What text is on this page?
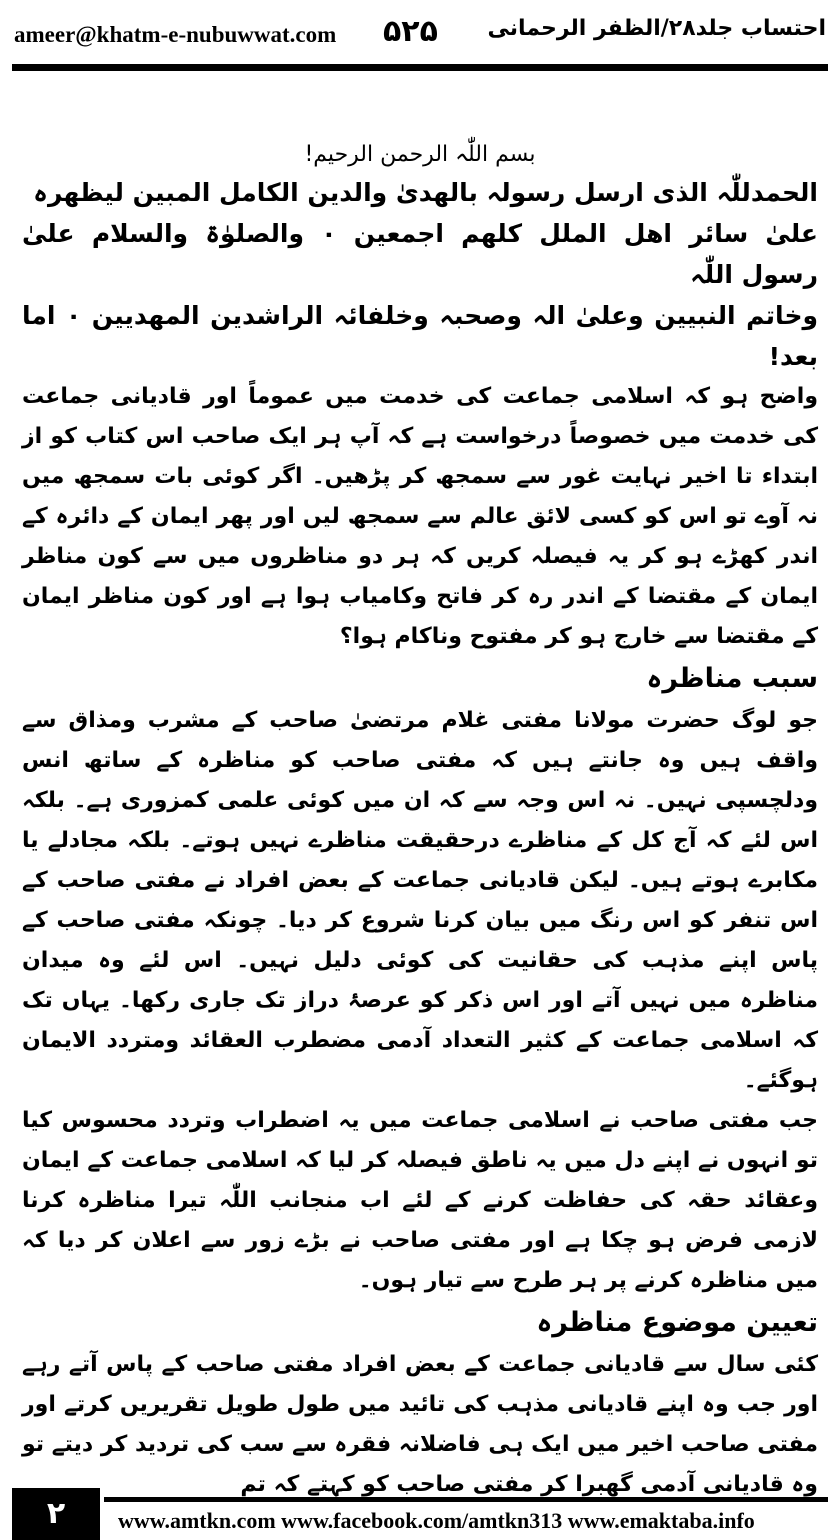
ameer@khatm-e-nubuwwat.com ۵۲۵ احتساب جلد۲۸/الظفر الرحمانی
بسم اللّٰہ الرحمن الرحیم!

الحمدللّٰہ الذی ارسل رسولہ بالھدیٰ والدین الکامل المبین لیظھرہ

علیٰ سائر اھل الملل کلھم اجمعین ۰ والصلوٰۃ والسلام علیٰ رسول اللّٰہ

وخاتم النبیین وعلیٰ الہ وصحبہ وخلفائہ الراشدین المھدیین ۰ اما بعد!

واضح ہو کہ اسلامی جماعت کی خدمت میں عموماً اور قادیانی جماعت کی خدمت میں خصوصاً درخواست ہے کہ آپ ہر ایک صاحب اس کتاب کو از ابتداء تا اخیر نہایت غور سے سمجھ کر پڑھیں۔ اگر کوئی بات سمجھ میں نہ آوے تو اس کو کسی لائق عالم سے سمجھ لیں اور پھر ایمان کے دائرہ کے اندر کھڑے ہو کر یہ فیصلہ کریں کہ ہر دو مناظروں میں سے کون مناظر ایمان کے مقتضا کے اندر رہ کر فاتح وکامیاب ہوا ہے اور کون مناظر ایمان کے مقتضا سے خارج ہو کر مفتوح وناکام ہوا؟

سبب مناظرہ

جو لوگ حضرت مولانا مفتی غلام مرتضیٰ صاحب کے مشرب ومذاق سے واقف ہیں وہ جانتے ہیں کہ مفتی صاحب کو مناظرہ کے ساتھ انس ودلچسپی نہیں۔ نہ اس وجہ سے کہ ان میں کوئی علمی کمزوری ہے۔ بلکہ اس لئے کہ آج کل کے مناظرے درحقیقت مناظرے نہیں ہوتے۔ بلکہ مجادلے یا مکابرے ہوتے ہیں۔ لیکن قادیانی جماعت کے بعض افراد نے مفتی صاحب کے اس تنفر کو اس رنگ میں بیان کرنا شروع کر دیا۔ چونکہ مفتی صاحب کے پاس اپنے مذہب کی حقانیت کی کوئی دلیل نہیں۔ اس لئے وہ میدان مناظرہ میں نہیں آتے اور اس ذکر کو عرصۂ دراز تک جاری رکھا۔ یہاں تک کہ اسلامی جماعت کے کثیر التعداد آدمی مضطرب العقائد ومتردد الایمان ہوگئے۔

جب مفتی صاحب نے اسلامی جماعت میں یہ اضطراب وتردد محسوس کیا تو انہوں نے اپنے دل میں یہ ناطق فیصلہ کر لیا کہ اسلامی جماعت کے ایمان وعقائد حقہ کی حفاظت کرنے کے لئے اب منجانب اللّٰہ تیرا مناظرہ کرنا لازمی فرض ہو چکا ہے اور مفتی صاحب نے بڑے زور سے اعلان کر دیا کہ میں مناظرہ کرنے پر ہر طرح سے تیار ہوں۔

تعیین موضوع مناظرہ

کئی سال سے قادیانی جماعت کے بعض افراد مفتی صاحب کے پاس آتے رہے اور جب وہ اپنے قادیانی مذہب کی تائید میں طول طویل تقریریں کرتے اور مفتی صاحب اخیر میں ایک ہی فاضلانہ فقرہ سے سب کی تردید کر دیتے تو وہ قادیانی آدمی گھبرا کر مفتی صاحب کو کہتے کہ تم

۲	www.amtkn.com www.facebook.com/amtkn313 www.emaktaba.info
